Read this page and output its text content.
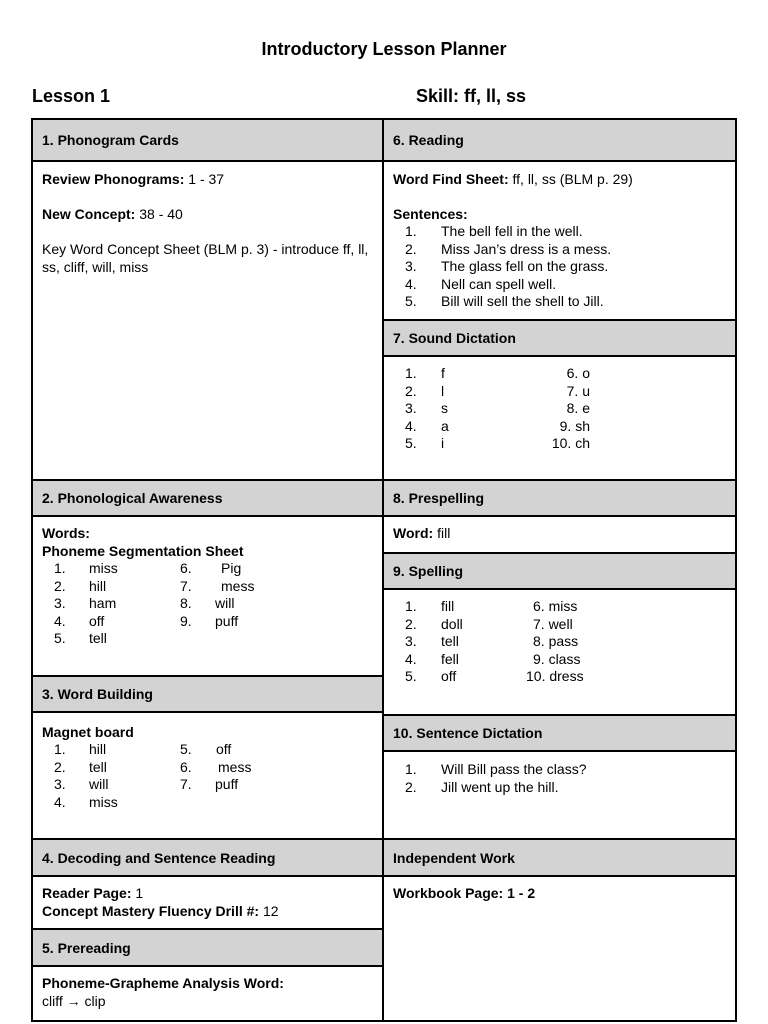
Introductory Lesson Planner
Lesson 1	Skill: ff, ll, ss
1. Phonogram Cards
2. Phonological Awareness
3. Word Building
4. Decoding and Sentence Reading
5. Prereading
6. Reading
7. Sound Dictation
8. Prespelling
9. Spelling
10. Sentence Dictation
Independent Work
Review Phonograms: 1 - 37
New Concept: 38 - 40
Key Word Concept Sheet (BLM p. 3) - introduce ff, ll, ss, cliff, will, miss
Words:
Phoneme Segmentation Sheet
1. miss
2. hill
3. ham
4. off
5. tell
6. Pig
7. mess
8. will
9. puff
Magnet board
1. hill
2. tell
3. will
4. miss
5. off
6. mess
7. puff
Reader Page: 1
Concept Mastery Fluency Drill #: 12
Phoneme-Grapheme Analysis Word:
cliff → clip
Word Find Sheet: ff, ll, ss (BLM p. 29)
Sentences:
1. The bell fell in the well.
2. Miss Jan’s dress is a mess.
3. The glass fell on the grass.
4. Nell can spell well.
5. Bill will sell the shell to Jill.
1. f
2. l
3. s
4. a
5. i
6. o
7. u
8. e
9. sh
10. ch
Word: fill
1. fill
2. doll
3. tell
4. fell
5. off
6. miss
7. well
8. pass
9. class
10. dress
1. Will Bill pass the class?
2. Jill went up the hill.
Workbook Page: 1 - 2
